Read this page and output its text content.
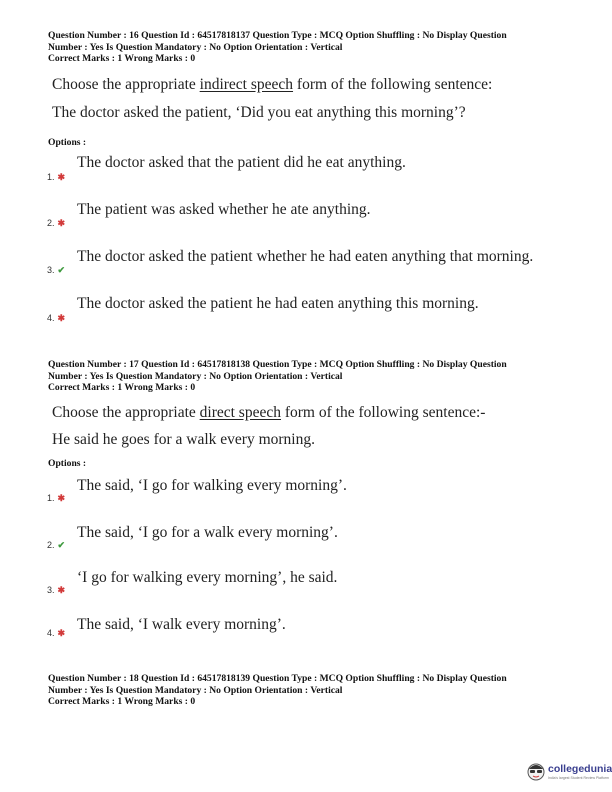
Question Number : 16 Question Id : 64517818137 Question Type : MCQ Option Shuffling : No Display Question
Number : Yes Is Question Mandatory : No Option Orientation : Vertical
Correct Marks : 1 Wrong Marks : 0
Choose the appropriate indirect speech form of the following sentence:
The doctor asked the patient, ‘Did you eat anything this morning’?
Options :
The doctor asked that the patient did he eat anything.
1. ✱
The patient was asked whether he ate anything.
2. ✱
The doctor asked the patient whether he had eaten anything that morning.
3. ✔
The doctor asked the patient he had eaten anything this morning.
4. ✱
Question Number : 17 Question Id : 64517818138 Question Type : MCQ Option Shuffling : No Display Question
Number : Yes Is Question Mandatory : No Option Orientation : Vertical
Correct Marks : 1 Wrong Marks : 0
Choose the appropriate direct speech form of the following sentence:-
He said he goes for a walk every morning.
Options :
The said, ‘I go for walking every morning’.
1. ✱
The said, ‘I go for a walk every morning’.
2. ✔
‘I go for walking every morning’, he said.
3. ✱
The said, ‘I walk every morning’.
4. ✱
Question Number : 18 Question Id : 64517818139 Question Type : MCQ Option Shuffling : No Display Question
Number : Yes Is Question Mandatory : No Option Orientation : Vertical
Correct Marks : 1 Wrong Marks : 0
collegedunia
India's largest Student Review Platform
